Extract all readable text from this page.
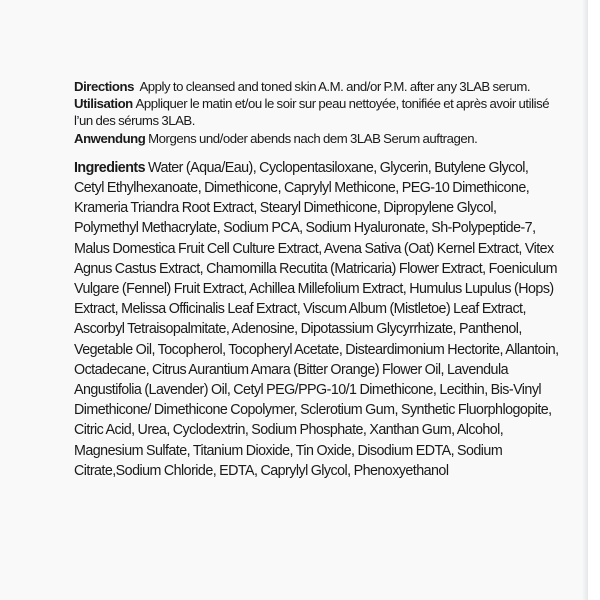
Directions Apply to cleansed and toned skin A.M. and/or P.M. after any 3LAB serum.

Utilisation Appliquer le matin et/ou le soir sur peau nettoyée, tonifiée et après avoir utilisé l’un des sérums 3LAB.

Anwendung Morgens und/oder abends nach dem 3LAB Serum auftragen.

Ingredients Water (Aqua/Eau), Cyclopentasiloxane, Glycerin, Butylene Glycol, Cetyl Ethylhexanoate, Dimethicone, Caprylyl Methicone, PEG-10 Dimethicone, Krameria Triandra Root Extract, Stearyl Dimethicone, Dipropylene Glycol, Polymethyl Methacrylate, Sodium PCA, Sodium Hyaluronate, Sh-Polypeptide-7, Malus Domestica Fruit Cell Culture Extract, Avena Sativa (Oat) Kernel Extract, Vitex Agnus Castus Extract, Chamomilla Recutita (Matricaria) Flower Extract, Foeniculum Vulgare (Fennel) Fruit Extract, Achillea Millefolium Extract, Humulus Lupulus (Hops) Extract, Melissa Officinalis Leaf Extract, Viscum Album (Mistletoe) Leaf Extract, Ascorbyl Tetraisopalmitate, Adenosine, Dipotassium Glycyrrhizate, Panthenol, Vegetable Oil, Tocopherol, Tocopheryl Acetate, Disteardimonium Hectorite, Allantoin, Octadecane, Citrus Aurantium Amara (Bitter Orange) Flower Oil, Lavendula Angustifolia (Lavender) Oil, Cetyl PEG/PPG-10/1 Dimethicone, Lecithin, Bis-Vinyl Dimethicone/ Dimethicone Copolymer, Sclerotium Gum, Synthetic Fluorphlogopite, Citric Acid, Urea, Cyclodextrin, Sodium Phosphate, Xanthan Gum, Alcohol, Magnesium Sulfate, Titanium Dioxide, Tin Oxide, Disodium EDTA, Sodium Citrate,Sodium Chloride, EDTA, Caprylyl Glycol, Phenoxyethanol
